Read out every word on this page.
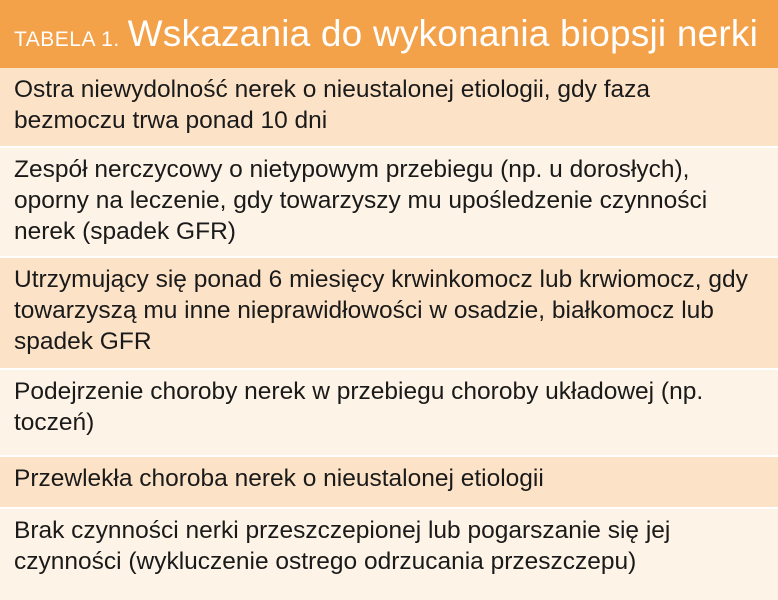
TABELA 1. Wskazania do wykonania biopsji nerki
Ostra niewydolność nerek o nieustalonej etiologii, gdy faza bezmoczu trwa ponad 10 dni
Zespół nerczycowy o nietypowym przebiegu (np. u dorosłych), oporny na leczenie, gdy towarzyszy mu upośledzenie czynności nerek (spadek GFR)
Utrzymujący się ponad 6 miesięcy krwinkomocz lub krwiomocz, gdy towarzyszą mu inne nieprawidłowości w osadzie, białkomocz lub spadek GFR
Podejrzenie choroby nerek w przebiegu choroby układowej (np. toczeń)
Przewlekła choroba nerek o nieustalonej etiologii
Brak czynności nerki przeszczepionej lub pogarszanie się jej czynności (wykluczenie ostrego odrzucania przeszczepu)
